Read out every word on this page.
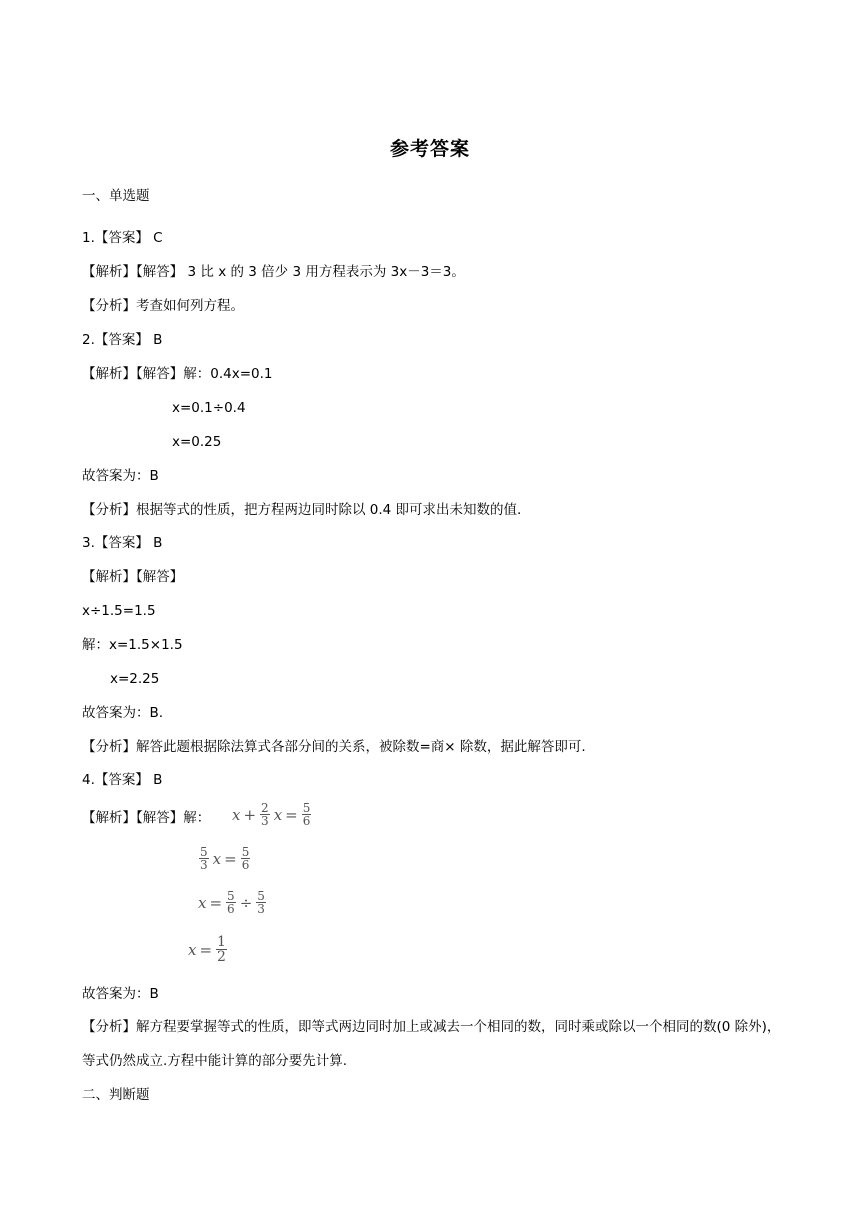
参考答案
一、单选题
1.【答案】 C
【解析】【解答】 3 比 x 的 3 倍少 3 用方程表示为 3x－3＝3。
【分析】考查如何列方程。
2.【答案】 B
【解析】【解答】解：0.4x=0.1
x=0.1÷0.4
x=0.25
故答案为：B
【分析】根据等式的性质，把方程两边同时除以 0.4 即可求出未知数的值.
3.【答案】 B
【解析】【解答】
x÷1.5=1.5
解：x=1.5×1.5
x=2.25
故答案为：B.
【分析】解答此题根据除法算式各部分间的关系，被除数=商× 除数，据此解答即可.
4.【答案】 B
【解析】【解答】解： $x + \frac{2}{3}$ $x = \frac{5}{6}$
$\frac{5}{3}$ $x = \frac{5}{6}$
$x = \frac{5}{6} \div \frac{5}{3}$
$x = \frac{1}{2}$
故答案为：B
【分析】解方程要掌握等式的性质，即等式两边同时加上或减去一个相同的数，同时乘或除以一个相同的数(0 除外)，等式仍然成立.方程中能计算的部分要先计算.
二、判断题
